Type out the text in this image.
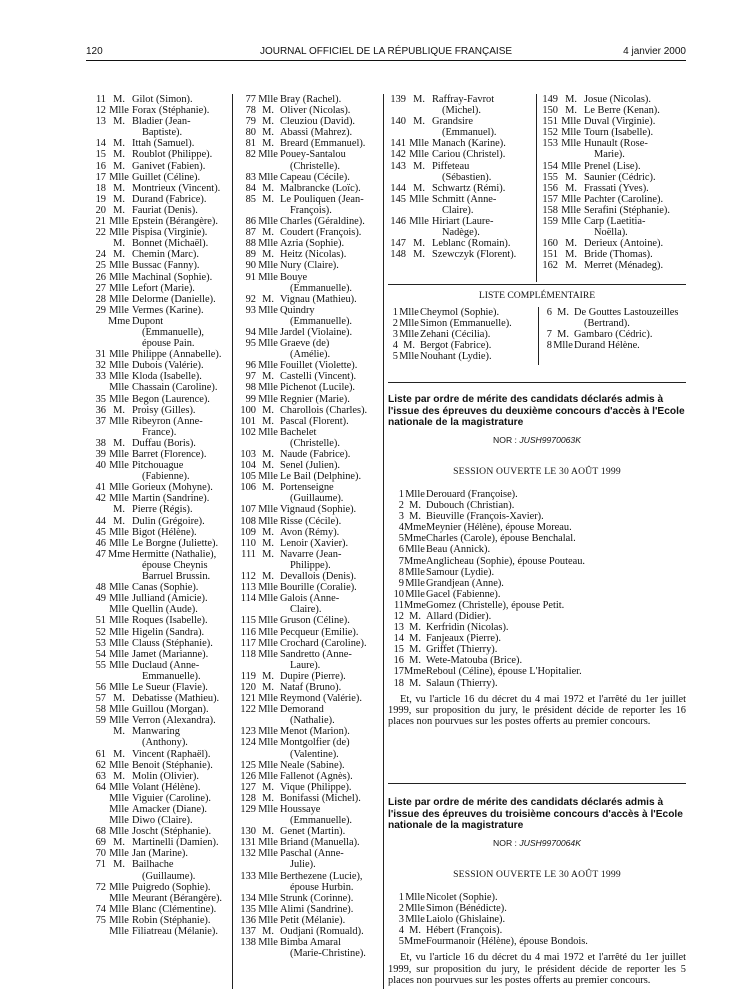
120	JOURNAL OFFICIEL DE LA RÉPUBLIQUE FRANÇAISE	4 janvier 2000
11 M. Gilot (Simon).
12 Mlle Forax (Stéphanie).
13 M. Bladier (Jean-
Baptiste).
14 M. Ittah (Samuel).
15 M. Roublot (Philippe).
16 M. Ganivet (Fabien).
17 Mlle Guillet (Céline).
18 M. Montrieux (Vincent).
19 M. Durand (Fabrice).
20 M. Fauriat (Denis).
21 Mlle Epstein (Bérangère).
22 Mlle Pispisa (Virginie).
M. Bonnet (Michaël).
24 M. Chemin (Marc).
25 Mlle Bussac (Fanny).
26 Mlle Machinal (Sophie).
27 Mlle Lefort (Marie).
28 Mlle Delorme (Danielle).
29 Mlle Vermes (Karine).
Mme Dupont
(Emmanuelle),
épouse Pain.
31 Mlle Philippe (Annabelle).
32 Mlle Dubois (Valérie).
33 Mlle Kloda (Isabelle).
Mlle Chassain (Caroline).
35 Mlle Begon (Laurence).
36 M. Proisy (Gilles).
37 Mlle Ribeyron (Anne-
France).
38 M. Duffau (Boris).
39 Mlle Barret (Florence).
40 Mlle Pitchouague
(Fabienne).
41 Mlle Gorieux (Mohyne).
42 Mlle Martin (Sandrine).
M. Pierre (Régis).
44 M. Dulin (Grégoire).
45 Mlle Bigot (Hélène).
46 Mlle Le Borgne (Juliette).
47 Mme Hermitte (Nathalie),
épouse Cheynis
Barruel Brussin.
48 Mlle Canas (Sophie).
49 Mlle Julliand (Amicie).
Mlle Quellin (Aude).
51 Mlle Roques (Isabelle).
52 Mlle Higelin (Sandra).
53 Mlle Clauss (Stéphanie).
54 Mlle Jamet (Marianne).
55 Mlle Duclaud (Anne-
Emmanuelle).
56 Mlle Le Sueur (Flavie).
57 M. Debatisse (Mathieu).
58 Mlle Guillou (Morgan).
59 Mlle Verron (Alexandra).
M. Manwaring
(Anthony).
61 M. Vincent (Raphaël).
62 Mlle Benoit (Stéphanie).
63 M. Molin (Olivier).
64 Mlle Volant (Hélène).
Mlle Viguier (Caroline).
Mlle Amacker (Diane).
Mlle Diwo (Claire).
68 Mlle Joscht (Stéphanie).
69 M. Martinelli (Damien).
70 Mlle Jan (Marine).
71 M. Bailhache
(Guillaume).
72 Mlle Puigredo (Sophie).
Mlle Meurant (Bérangère).
74 Mlle Blanc (Clémentine).
75 Mlle Robin (Stéphanie).
Mlle Filiatreau (Mélanie).
77 Mlle Bray (Rachel).
78 M. Oliver (Nicolas).
79 M. Cleuziou (David).
80 M. Abassi (Mahrez).
81 M. Breard (Emmanuel).
82 Mlle Pouey-Santalou
(Christelle).
83 Mlle Capeau (Cécile).
84 M. Malbrancke (Loïc).
85 M. Le Pouliquen (Jean-
François).
86 Mlle Charles (Géraldine).
87 M. Coudert (François).
88 Mlle Azria (Sophie).
89 M. Heitz (Nicolas).
90 Mlle Nury (Claire).
91 Mlle Bouye
(Emmanuelle).
92 M. Vignau (Mathieu).
93 Mlle Quindry
(Emmanuelle).
94 Mlle Jardel (Violaine).
95 Mlle Graeve (de)
(Amélie).
96 Mlle Fouillet (Violette).
97 M. Castelli (Vincent).
98 Mlle Pichenot (Lucile).
99 Mlle Regnier (Marie).
100 M. Charollois (Charles).
101 M. Pascal (Florent).
102 Mlle Bachelet
(Christelle).
103 M. Naude (Fabrice).
104 M. Senel (Julien).
105 Mlle Le Bail (Delphine).
106 M. Portenseigne
(Guillaume).
107 Mlle Vignaud (Sophie).
108 Mlle Risse (Cécile).
109 M. Avon (Rémy).
110 M. Lenoir (Xavier).
111 M. Navarre (Jean-
Philippe).
112 M. Devallois (Denis).
113 Mlle Bourille (Coralie).
114 Mlle Galois (Anne-
Claire).
115 Mlle Gruson (Céline).
116 Mlle Pecqueur (Emilie).
117 Mlle Crochard (Caroline).
118 Mlle Sandretto (Anne-
Laure).
119 M. Dupire (Pierre).
120 M. Nataf (Bruno).
121 Mlle Reymond (Valérie).
122 Mlle Demorand
(Nathalie).
123 Mlle Menot (Marion).
124 Mlle Montgolfier (de)
(Valentine).
125 Mlle Neale (Sabine).
126 Mlle Fallenot (Agnès).
127 M. Vique (Philippe).
128 M. Bonifassi (Michel).
129 Mlle Houssaye
(Emmanuelle).
130 M. Genet (Martin).
131 Mlle Briand (Manuella).
132 Mlle Paschal (Anne-
Julie).
133 Mlle Berthezene (Lucie),
épouse Hurbin.
134 Mlle Strunk (Corinne).
135 Mlle Alimi (Sandrine).
136 Mlle Petit (Mélanie).
137 M. Oudjani (Romuald).
138 Mlle Bimba Amaral
(Marie-Christine).
139 M. Raffray-Favrot
(Michel).
140 M. Grandsire
(Emmanuel).
141 Mlle Manach (Karine).
142 Mlle Cariou (Christel).
143 M. Piffeteau
(Sébastien).
144 M. Schwartz (Rémi).
145 Mlle Schmitt (Anne-
Claire).
146 Mlle Hiriart (Laure-
Nadège).
147 M. Leblanc (Romain).
148 M. Szewczyk (Florent).
149 M. Josue (Nicolas).
150 M. Le Berre (Kenan).
151 Mlle Duval (Virginie).
152 Mlle Tourn (Isabelle).
153 Mlle Hunault (Rose-
Marie).
154 Mlle Prenel (Lise).
155 M. Saunier (Cédric).
156 M. Frassati (Yves).
157 Mlle Pachter (Caroline).
158 Mlle Serafini (Stéphanie).
159 Mlle Carp (Laetitia-
Noëlla).
160 M. Derieux (Antoine).
151 M. Bride (Thomas).
162 M. Merret (Ménadeg).
LISTE COMPLÉMENTAIRE
1 Mlle Cheymol (Sophie).
2 Mlle Simon (Emmanuelle).
3 Mlle Zehani (Cécilia).
4 M. Bergot (Fabrice).
5 Mlle Nouhant (Lydie).
6 M. De Gouttes Lastouzeilles
(Bertrand).
7 M. Gambaro (Cédric).
8 Mlle Durand Hélène.
Liste par ordre de mérite des candidats déclarés admis à l'issue des épreuves du deuxième concours d'accès à l'Ecole nationale de la magistrature
NOR : JUSH9970063K
SESSION OUVERTE LE 30 AOÛT 1999
1 Mlle Derouard (Françoise).
2 M. Dubouch (Christian).
3 M. Bieuville (François-Xavier).
4 Mme Meynier (Hélène), épouse Moreau.
5 Mme Charles (Carole), épouse Benchalal.
6 Mlle Beau (Annick).
7 Mme Anglicheau (Sophie), épouse Pouteau.
8 Mlle Samour (Lydie).
9 Mlle Grandjean (Anne).
10 Mlle Gacel (Fabienne).
11 Mme Gomez (Christelle), épouse Petit.
12 M. Allard (Didier).
13 M. Kerfridin (Nicolas).
14 M. Fanjeaux (Pierre).
15 M. Griffet (Thierry).
16 M. Wete-Matouba (Brice).
17 Mme Reboul (Céline), épouse L'Hopitalier.
18 M. Salaun (Thierry).
Et, vu l'article 16 du décret du 4 mai 1972 et l'arrêté du 1er juillet 1999, sur proposition du jury, le président décide de reporter les 16 places non pourvues sur les postes offerts au premier concours.
Liste par ordre de mérite des candidats déclarés admis à l'issue des épreuves du troisième concours d'accès à l'Ecole nationale de la magistrature
NOR : JUSH9970064K
SESSION OUVERTE LE 30 AOÛT 1999
1 Mlle Nicolet (Sophie).
2 Mlle Simon (Bénédicte).
3 Mlle Laiolo (Ghislaine).
4 M. Hébert (François).
5 Mme Fourmanoir (Hélène), épouse Bondois.
Et, vu l'article 16 du décret du 4 mai 1972 et l'arrêté du 1er juillet 1999, sur proposition du jury, le président décide de reporter les 5 places non pourvues sur les postes offerts au premier concours.
